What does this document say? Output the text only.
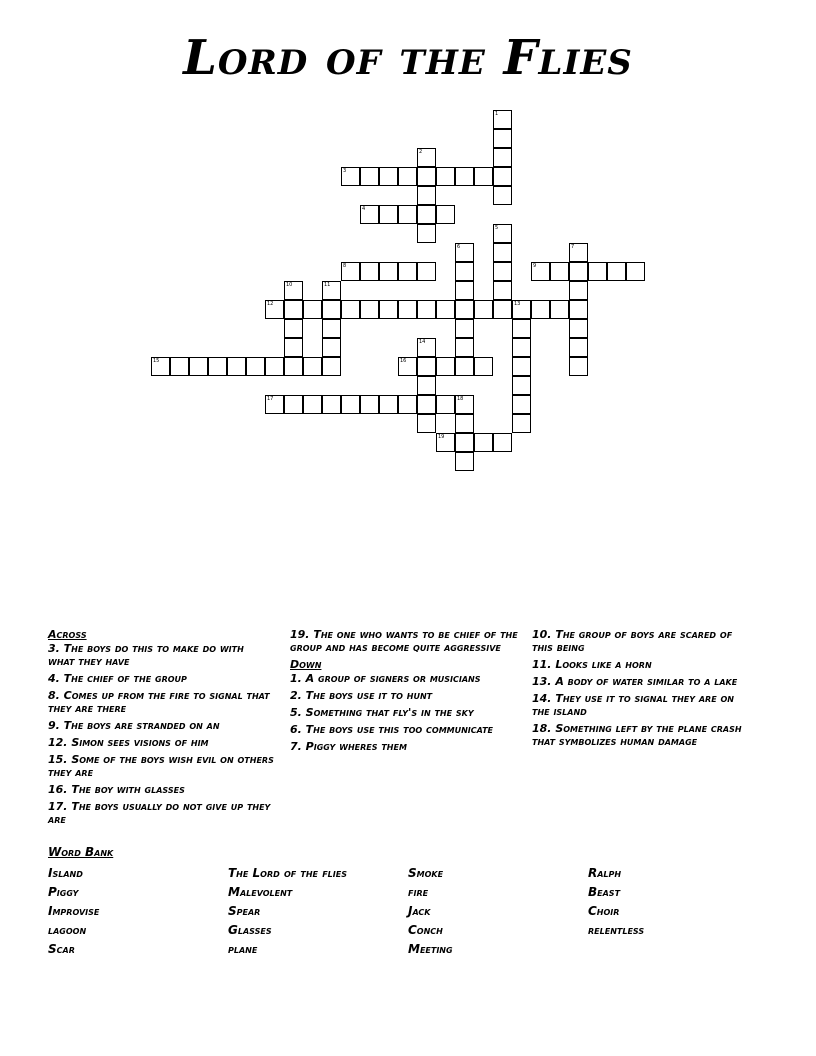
Lord of the Flies
1
2
3
4
5
6	7
8	9
10	11
12	13
14
15	16
17	18
19
Across
3. The boys do this to make do with what they have
4. The chief of the group
8. Comes up from the fire to signal that they are there
9. The boys are stranded on an
12. Simon sees visions of him
15. Some of the boys wish evil on others they are
16. The boy with glasses
17. The boys usually do not give up they are
19. The one who wants to be chief of the group and has become quite aggressive
Down
1. A group of signers or musicians
2. The boys use it to hunt
5. Something that fly's in the sky
6. The boys use this too communicate
7. Piggy wheres them
10. The group of boys are scared of this being
11. Looks like a horn
13. A body of water similar to a lake
14. They use it to signal they are on the island
18. Something left by the plane crash that symbolizes human damage
Word Bank
Island
Piggy
Improvise
lagoon
Scar
The Lord of the flies
Malevolent
Spear
Glasses
plane
Smoke
fire
Jack
Conch
Meeting
Ralph
Beast
Choir
relentless
